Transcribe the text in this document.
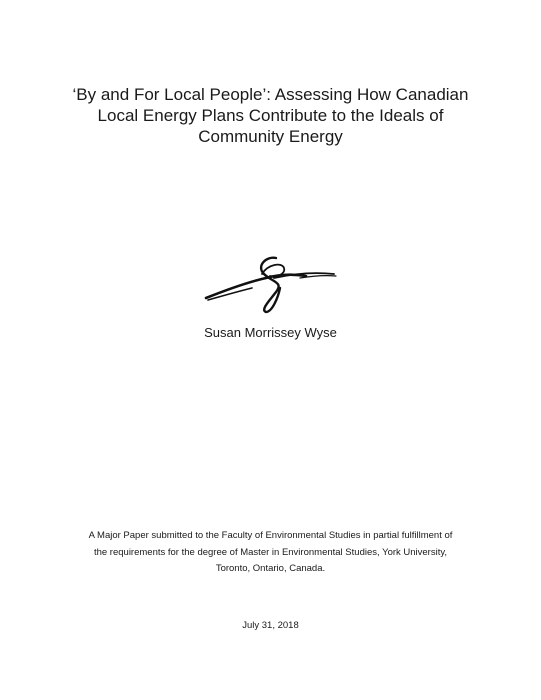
‘By and For Local People’: Assessing How Canadian
Local Energy Plans Contribute to the Ideals of
Community Energy
Susan Morrissey Wyse
A Major Paper submitted to the Faculty of Environmental Studies in partial fulfillment of
the requirements for the degree of Master in Environmental Studies, York University,
Toronto, Ontario, Canada.
July 31, 2018
